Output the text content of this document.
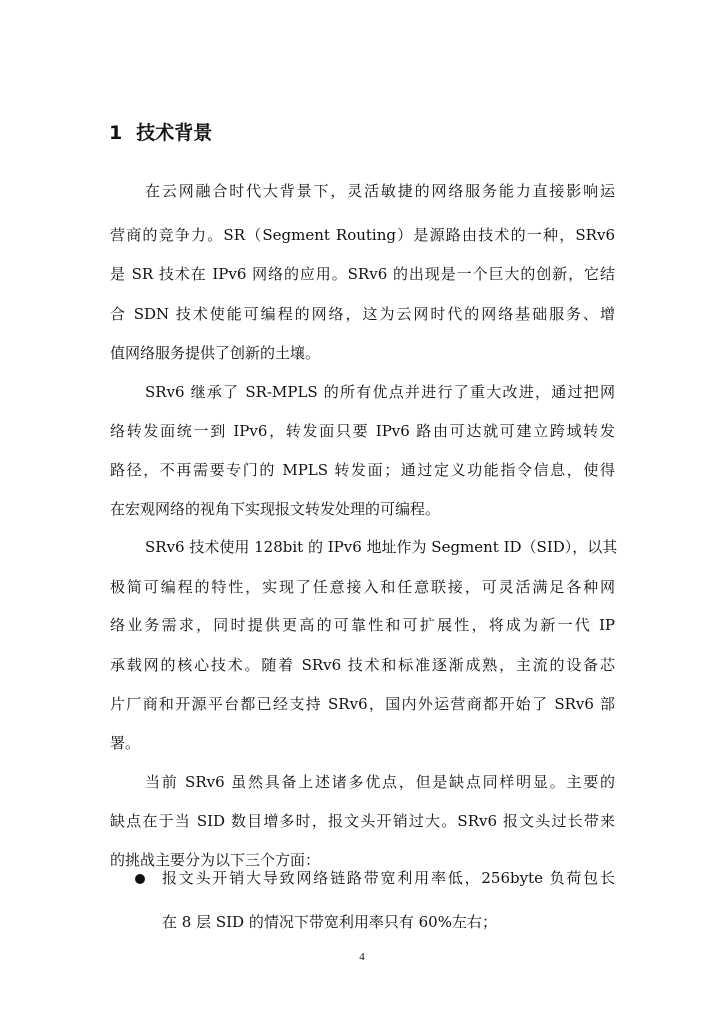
1 技术背景
在云网融合时代大背景下，灵活敏捷的网络服务能力直接影响运
营商的竞争力。SR（Segment Routing）是源路由技术的一种，SRv6
是 SR 技术在 IPv6 网络的应用。SRv6 的出现是一个巨大的创新，它结
合 SDN 技术使能可编程的网络，这为云网时代的网络基础服务、增
值网络服务提供了创新的土壤。
SRv6 继承了 SR-MPLS 的所有优点并进行了重大改进，通过把网
络转发面统一到 IPv6，转发面只要 IPv6 路由可达就可建立跨域转发
路径，不再需要专门的 MPLS 转发面；通过定义功能指令信息，使得
在宏观网络的视角下实现报文转发处理的可编程。
SRv6 技术使用 128bit 的 IPv6 地址作为 Segment ID（SID），以其
极简可编程的特性，实现了任意接入和任意联接，可灵活满足各种网
络业务需求，同时提供更高的可靠性和可扩展性，将成为新一代 IP
承载网的核心技术。随着 SRv6 技术和标准逐渐成熟，主流的设备芯
片厂商和开源平台都已经支持 SRv6，国内外运营商都开始了 SRv6 部
署。
当前 SRv6 虽然具备上述诸多优点，但是缺点同样明显。主要的
缺点在于当 SID 数目增多时，报文头开销过大。SRv6 报文头过长带来
的挑战主要分为以下三个方面：
报文头开销大导致网络链路带宽利用率低，256byte 负荷包长
在 8 层 SID 的情况下带宽利用率只有 60%左右；
4
